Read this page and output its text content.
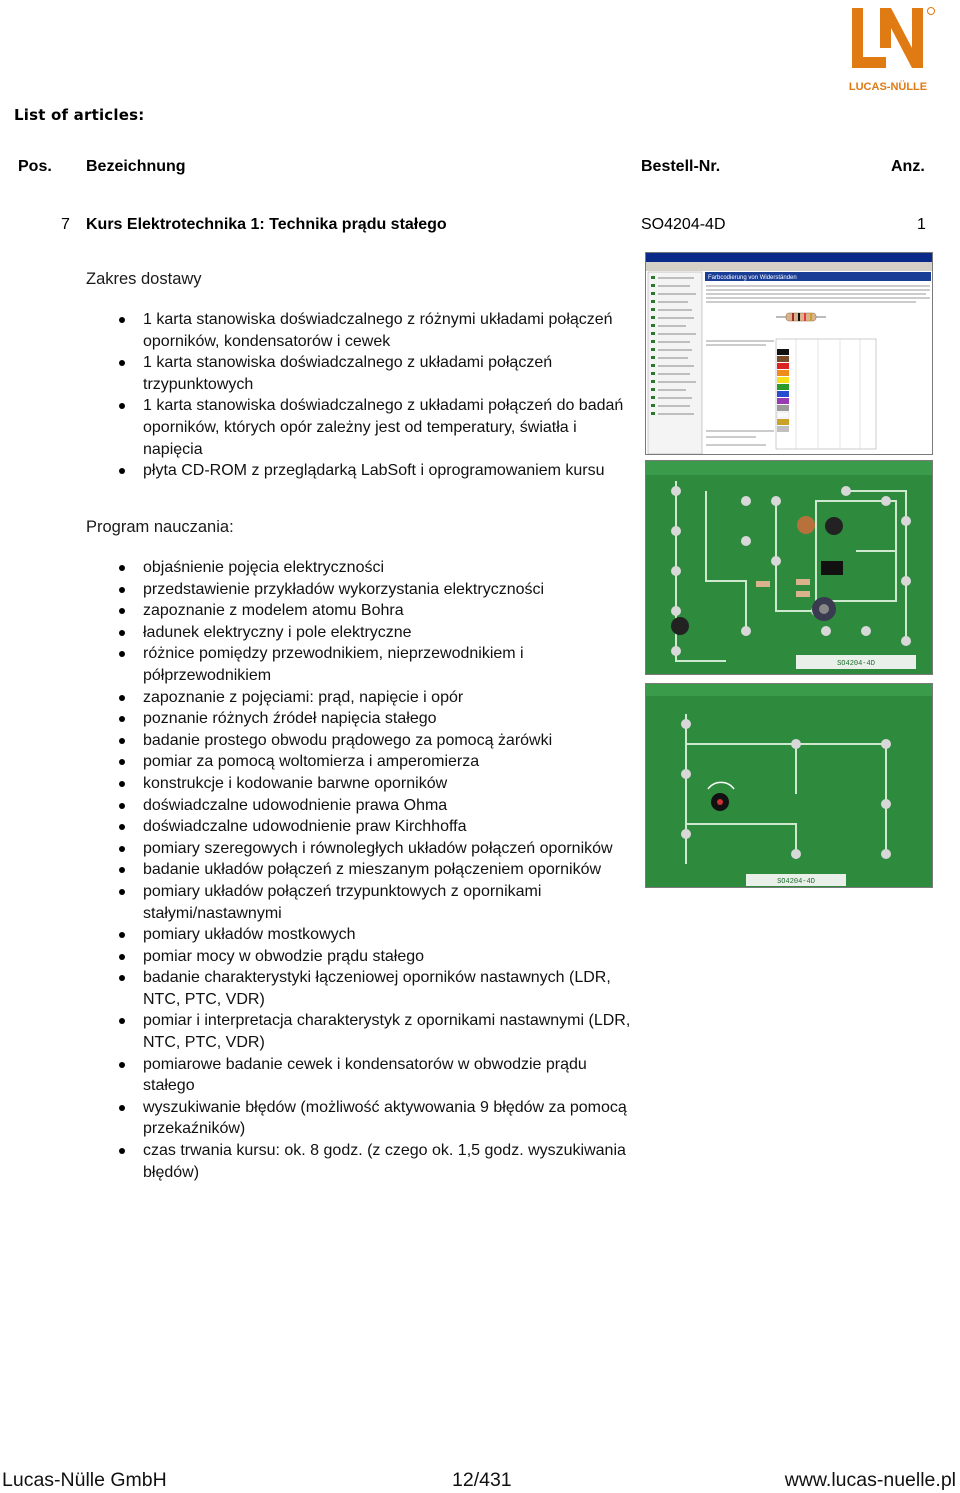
LUCAS-NÜLLE
List of articles:
Pos. Bezeichnung	Bestell-Nr.	Anz.
7 Kurs Elektrotechnika 1: Technika prądu stałego	SO4204-4D	1
Zakres dostawy
1 karta stanowiska doświadczalnego z różnymi układami połączeń oporników, kondensatorów i cewek
1 karta stanowiska doświadczalnego z układami połączeń trzypunktowych
1 karta stanowiska doświadczalnego z układami połączeń do badań oporników, których opór zależny jest od temperatury, światła i napięcia
płyta CD-ROM z przeglądarką LabSoft i oprogramowaniem kursu
Program nauczania:
objaśnienie pojęcia elektryczności
przedstawienie przykładów wykorzystania elektryczności
zapoznanie z modelem atomu Bohra
ładunek elektryczny i pole elektryczne
różnice pomiędzy przewodnikiem, nieprzewodnikiem i półprzewodnikiem
zapoznanie z pojęciami: prąd, napięcie i opór
poznanie różnych źródeł napięcia stałego
badanie prostego obwodu prądowego za pomocą żarówki
pomiar za pomocą woltomierza i amperomierza
konstrukcje i kodowanie barwne oporników
doświadczalne udowodnienie prawa Ohma
doświadczalne udowodnienie praw Kirchhoffa
pomiary szeregowych i równoległych układów połączeń oporników
badanie układów połączeń z mieszanym połączeniem oporników
pomiary układów połączeń trzypunktowych z opornikami stałymi/nastawnymi
pomiary układów mostkowych
pomiar mocy w obwodzie prądu stałego
badanie charakterystyki łączeniowej oporników nastawnych (LDR, NTC, PTC, VDR)
pomiar i interpretacja charakterystyk z opornikami nastawnymi (LDR, NTC, PTC, VDR)
pomiarowe badanie cewek i kondensatorów w obwodzie prądu stałego
wyszukiwanie błędów (możliwość aktywowania 9 błędów za pomocą przekaźników)
czas trwania kursu: ok. 8 godz. (z czego ok. 1,5 godz. wyszukiwania błędów)
Farbcodierung von Widerständen
SO4204-4D
SO4204-4D
Lucas-Nülle GmbH	12/431	www.lucas-nuelle.pl
